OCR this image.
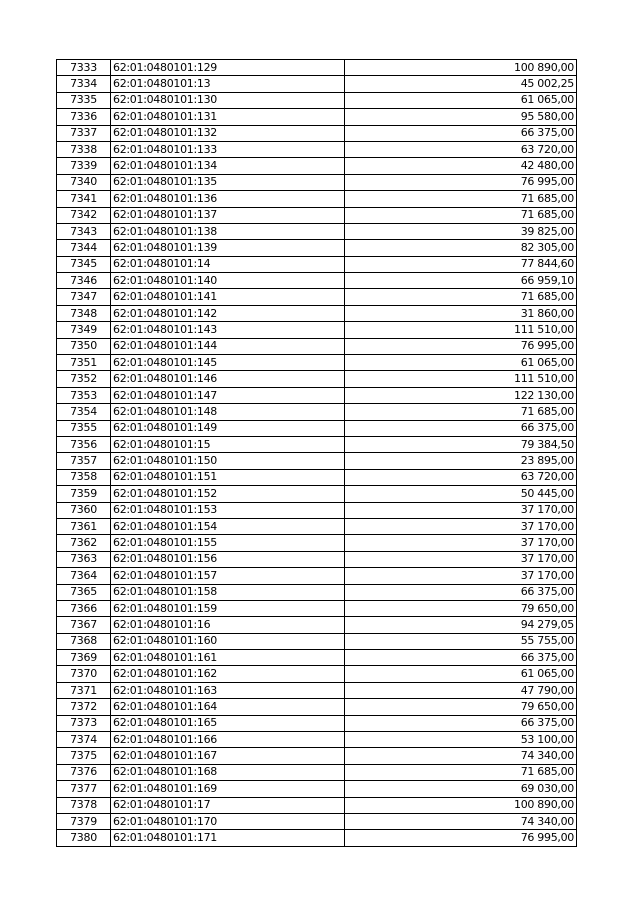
7333	62:01:0480101:129	100 890,00
7334	62:01:0480101:13	45 002,25
7335	62:01:0480101:130	61 065,00
7336	62:01:0480101:131	95 580,00
7337	62:01:0480101:132	66 375,00
7338	62:01:0480101:133	63 720,00
7339	62:01:0480101:134	42 480,00
7340	62:01:0480101:135	76 995,00
7341	62:01:0480101:136	71 685,00
7342	62:01:0480101:137	71 685,00
7343	62:01:0480101:138	39 825,00
7344	62:01:0480101:139	82 305,00
7345	62:01:0480101:14	77 844,60
7346	62:01:0480101:140	66 959,10
7347	62:01:0480101:141	71 685,00
7348	62:01:0480101:142	31 860,00
7349	62:01:0480101:143	111 510,00
7350	62:01:0480101:144	76 995,00
7351	62:01:0480101:145	61 065,00
7352	62:01:0480101:146	111 510,00
7353	62:01:0480101:147	122 130,00
7354	62:01:0480101:148	71 685,00
7355	62:01:0480101:149	66 375,00
7356	62:01:0480101:15	79 384,50
7357	62:01:0480101:150	23 895,00
7358	62:01:0480101:151	63 720,00
7359	62:01:0480101:152	50 445,00
7360	62:01:0480101:153	37 170,00
7361	62:01:0480101:154	37 170,00
7362	62:01:0480101:155	37 170,00
7363	62:01:0480101:156	37 170,00
7364	62:01:0480101:157	37 170,00
7365	62:01:0480101:158	66 375,00
7366	62:01:0480101:159	79 650,00
7367	62:01:0480101:16	94 279,05
7368	62:01:0480101:160	55 755,00
7369	62:01:0480101:161	66 375,00
7370	62:01:0480101:162	61 065,00
7371	62:01:0480101:163	47 790,00
7372	62:01:0480101:164	79 650,00
7373	62:01:0480101:165	66 375,00
7374	62:01:0480101:166	53 100,00
7375	62:01:0480101:167	74 340,00
7376	62:01:0480101:168	71 685,00
7377	62:01:0480101:169	69 030,00
7378	62:01:0480101:17	100 890,00
7379	62:01:0480101:170	74 340,00
7380	62:01:0480101:171	76 995,00
